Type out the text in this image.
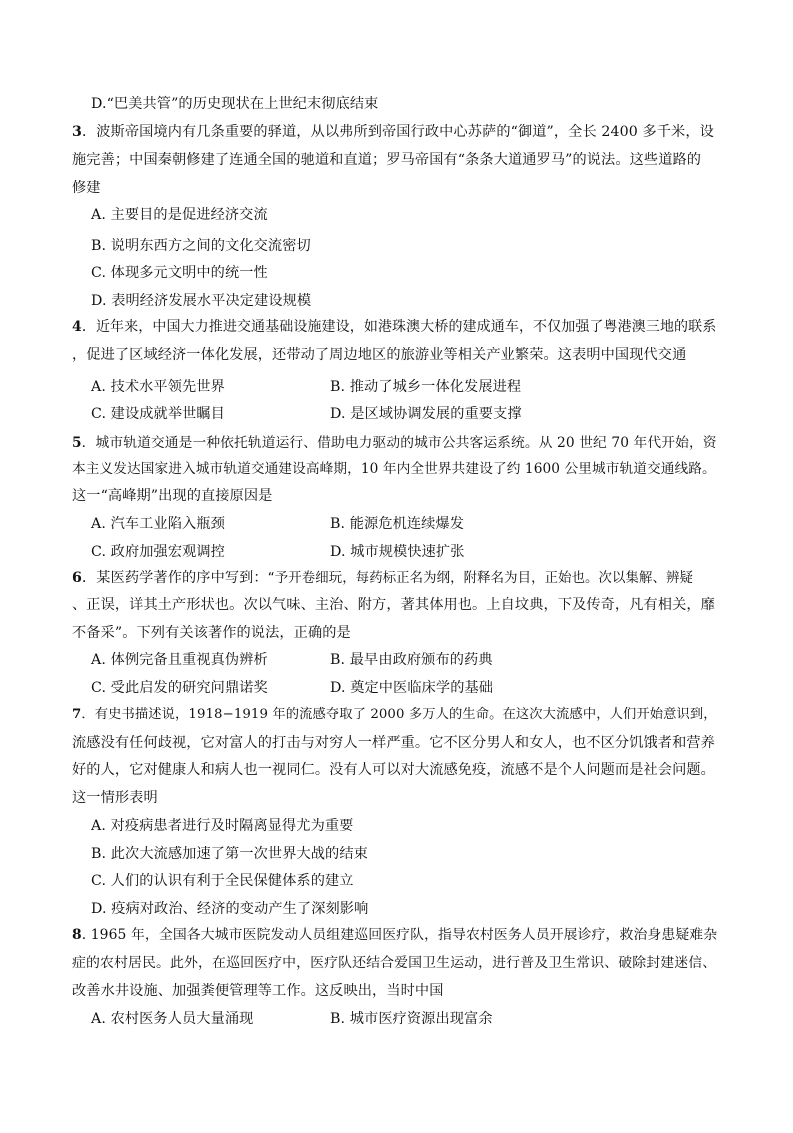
D.“巴美共管”的历史现状在上世纪末彻底结束
3．波斯帝国境内有几条重要的驿道，从以弗所到帝国行政中心苏萨的“御道”，全长 2400 多千米，设
施完善；中国秦朝修建了连通全国的驰道和直道；罗马帝国有“条条大道通罗马”的说法。这些道路的
修建
A. 主要目的是促进经济交流
B. 说明东西方之间的文化交流密切
C. 体现多元文明中的统一性
D. 表明经济发展水平决定建设规模
4．近年来，中国大力推进交通基础设施建设，如港珠澳大桥的建成通车，不仅加强了粤港澳三地的联系
，促进了区域经济一体化发展，还带动了周边地区的旅游业等相关产业繁荣。这表明中国现代交通
A. 技术水平领先世界	B. 推动了城乡一体化发展进程
C. 建设成就举世瞩目	D. 是区域协调发展的重要支撑
5．城市轨道交通是一种依托轨道运行、借助电力驱动的城市公共客运系统。从 20 世纪 70 年代开始，资
本主义发达国家进入城市轨道交通建设高峰期，10 年内全世界共建设了约 1600 公里城市轨道交通线路。
这一“高峰期”出现的直接原因是
A. 汽车工业陷入瓶颈	B. 能源危机连续爆发
C. 政府加强宏观调控	D. 城市规模快速扩张
6．某医药学著作的序中写到：“予开卷细玩，每药标正名为纲，附释名为目，正始也。次以集解、辨疑
、正误，详其土产形状也。次以气味、主治、附方，著其体用也。上自坟典，下及传奇，凡有相关，靡
不备采”。下列有关该著作的说法，正确的是
A. 体例完备且重视真伪辨析	B. 最早由政府颁布的药典
C. 受此启发的研究问鼎诺奖	D. 奠定中医临床学的基础
7．有史书描述说，1918−1919 年的流感夺取了 2000 多万人的生命。在这次大流感中，人们开始意识到，
流感没有任何歧视，它对富人的打击与对穷人一样严重。它不区分男人和女人，也不区分饥饿者和营养
好的人，它对健康人和病人也一视同仁。没有人可以对大流感免疫，流感不是个人问题而是社会问题。
这一情形表明
A. 对疫病患者进行及时隔离显得尤为重要
B. 此次大流感加速了第一次世界大战的结束
C. 人们的认识有利于全民保健体系的建立
D. 疫病对政治、经济的变动产生了深刻影响
8. 1965 年，全国各大城市医院发动人员组建巡回医疗队，指导农村医务人员开展诊疗，救治身患疑难杂
症的农村居民。此外，在巡回医疗中，医疗队还结合爱国卫生运动，进行普及卫生常识、破除封建迷信、
改善水井设施、加强粪便管理等工作。这反映出，当时中国
A. 农村医务人员大量涌现	B. 城市医疗资源出现富余
